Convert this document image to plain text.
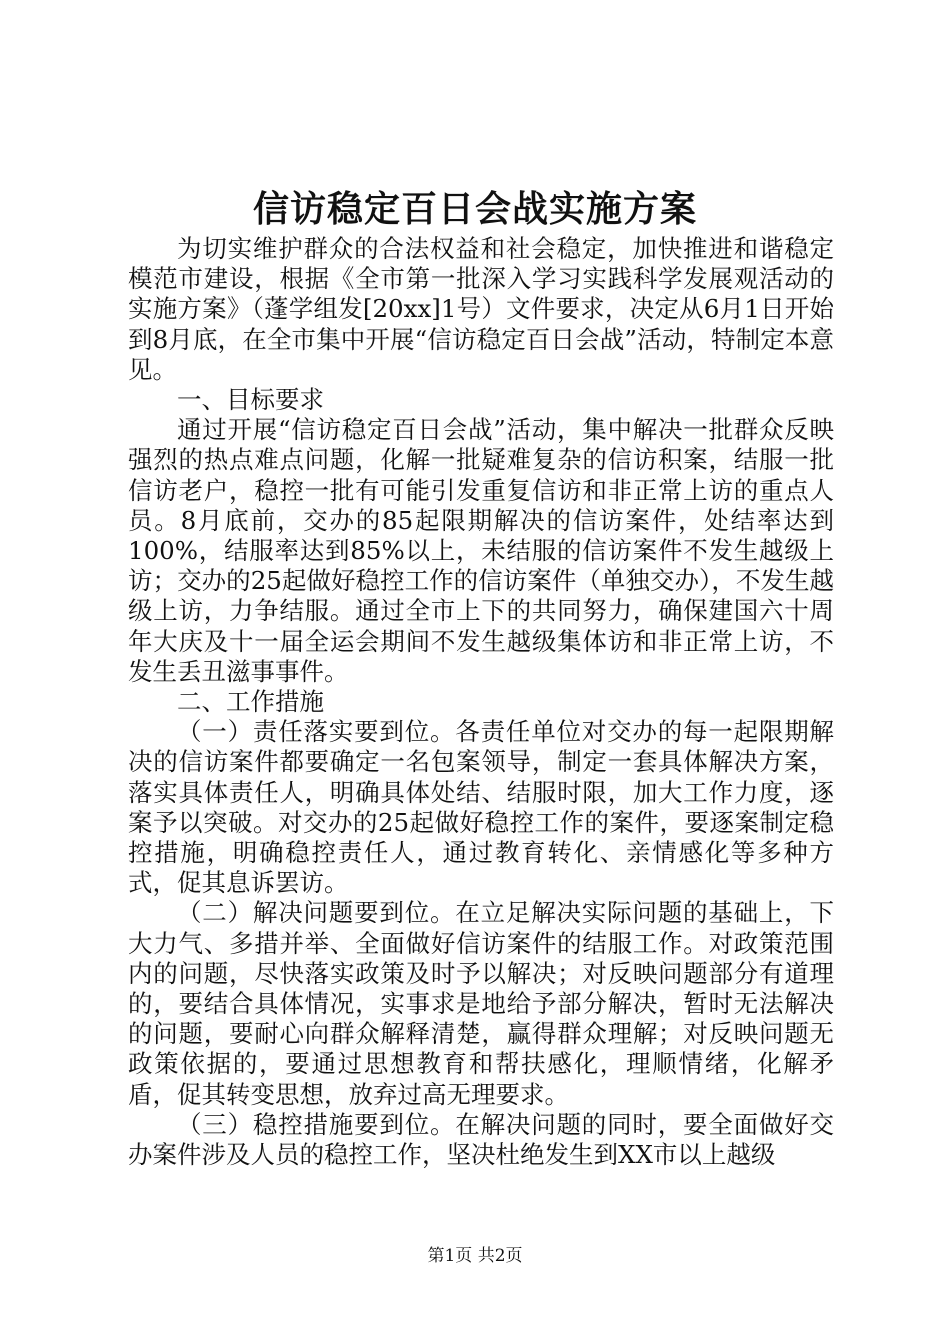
信访稳定百日会战实施方案

为切实维护群众的合法权益和社会稳定，加快推进和谐稳定模范市建设，根据《全市第一批深入学习实践科学发展观活动的实施方案》（蓬学组发[20xx]1号）文件要求，决定从6月1日开始到8月底，在全市集中开展“信访稳定百日会战”活动，特制定本意见。

一、目标要求

通过开展“信访稳定百日会战”活动，集中解决一批群众反映强烈的热点难点问题，化解一批疑难复杂的信访积案，结服一批信访老户，稳控一批有可能引发重复信访和非正常上访的重点人员。8月底前，交办的85起限期解决的信访案件，处结率达到100%，结服率达到85%以上，未结服的信访案件不发生越级上访；交办的25起做好稳控工作的信访案件（单独交办），不发生越级上访，力争结服。通过全市上下的共同努力，确保建国六十周年大庆及十一届全运会期间不发生越级集体访和非正常上访，不发生丢丑滋事事件。

二、工作措施

（一）责任落实要到位。各责任单位对交办的每一起限期解决的信访案件都要确定一名包案领导，制定一套具体解决方案，落实具体责任人，明确具体处结、结服时限，加大工作力度，逐案予以突破。对交办的25起做好稳控工作的案件，要逐案制定稳控措施，明确稳控责任人，通过教育转化、亲情感化等多种方式，促其息诉罢访。

（二）解决问题要到位。在立足解决实际问题的基础上，下大力气、多措并举、全面做好信访案件的结服工作。对政策范围内的问题，尽快落实政策及时予以解决；对反映问题部分有道理的，要结合具体情况，实事求是地给予部分解决，暂时无法解决的问题，要耐心向群众解释清楚，赢得群众理解；对反映问题无政策依据的，要通过思想教育和帮扶感化，理顺情绪，化解矛盾，促其转变思想，放弃过高无理要求。

（三）稳控措施要到位。在解决问题的同时，要全面做好交办案件涉及人员的稳控工作，坚决杜绝发生到XX市以上越级

第1页 共2页
